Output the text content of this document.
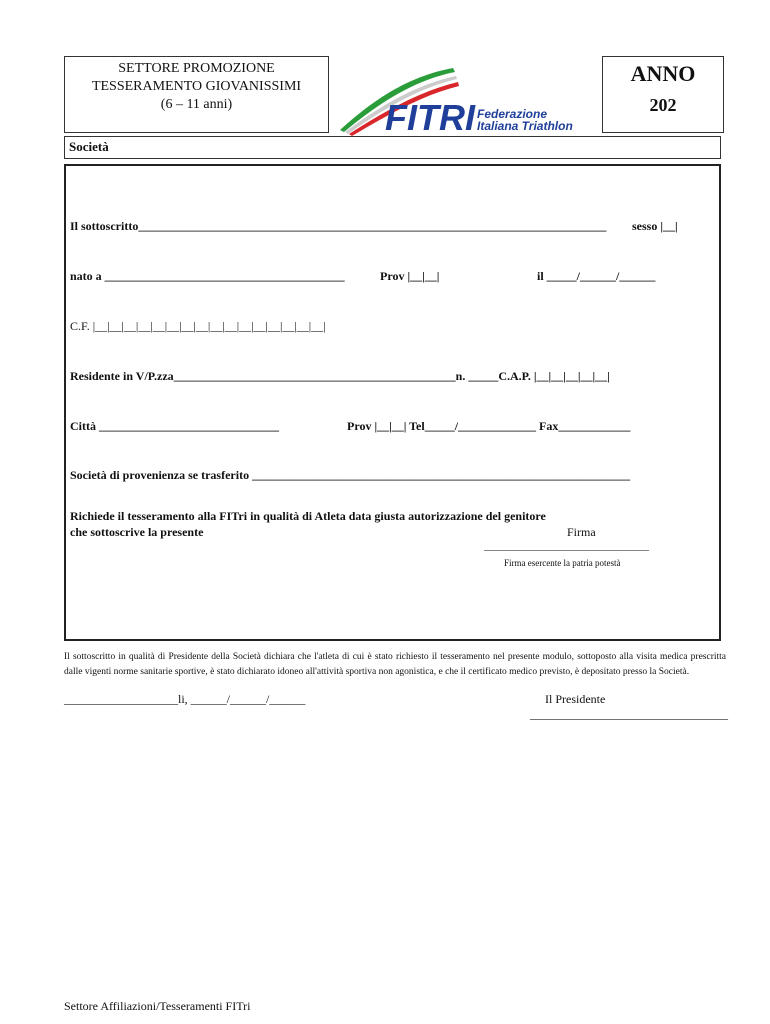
SETTORE PROMOZIONE
TESSERAMENTO GIOVANISSIMI
(6 – 11 anni)	FITRI Federazione
Italiana Triathlon
ANNO
202
Società
Il sottoscritto______________________________________________________________________________ sesso |__|
nato a ________________________________________	Prov |__|__|	il _____/______/______
C.F. |__|__|__|__|__|__|__|__|__|__|__|__|__|__|__|__|
Residente in V/P.zza_______________________________________________n. _____C.A.P. |__|__|__|__|__|
Città ______________________________	Prov |__|__| Tel_____/_____________ Fax____________
Società di provenienza se trasferito _______________________________________________________________
Richiede il tesseramento alla FITri in qualità di Atleta data giusta autorizzazione del genitore
che sottoscrive la presente	Firma
______________________________
Firma esercente la patria potestà
Il sottoscritto in qualità di Presidente della Società dichiara che l'atleta di cui è stato richiesto il tesseramento nel presente modulo, sottoposto alla visita medica prescritta dalle vigenti norme sanitarie sportive, è stato dichiarato idoneo all'attività sportiva non agonistica, e che il certificato medico previsto, è depositato presso la Società.
___________________li, ______/______/______	Il Presidente
_________________________________
Settore Affiliazioni/Tesseramenti FITri
